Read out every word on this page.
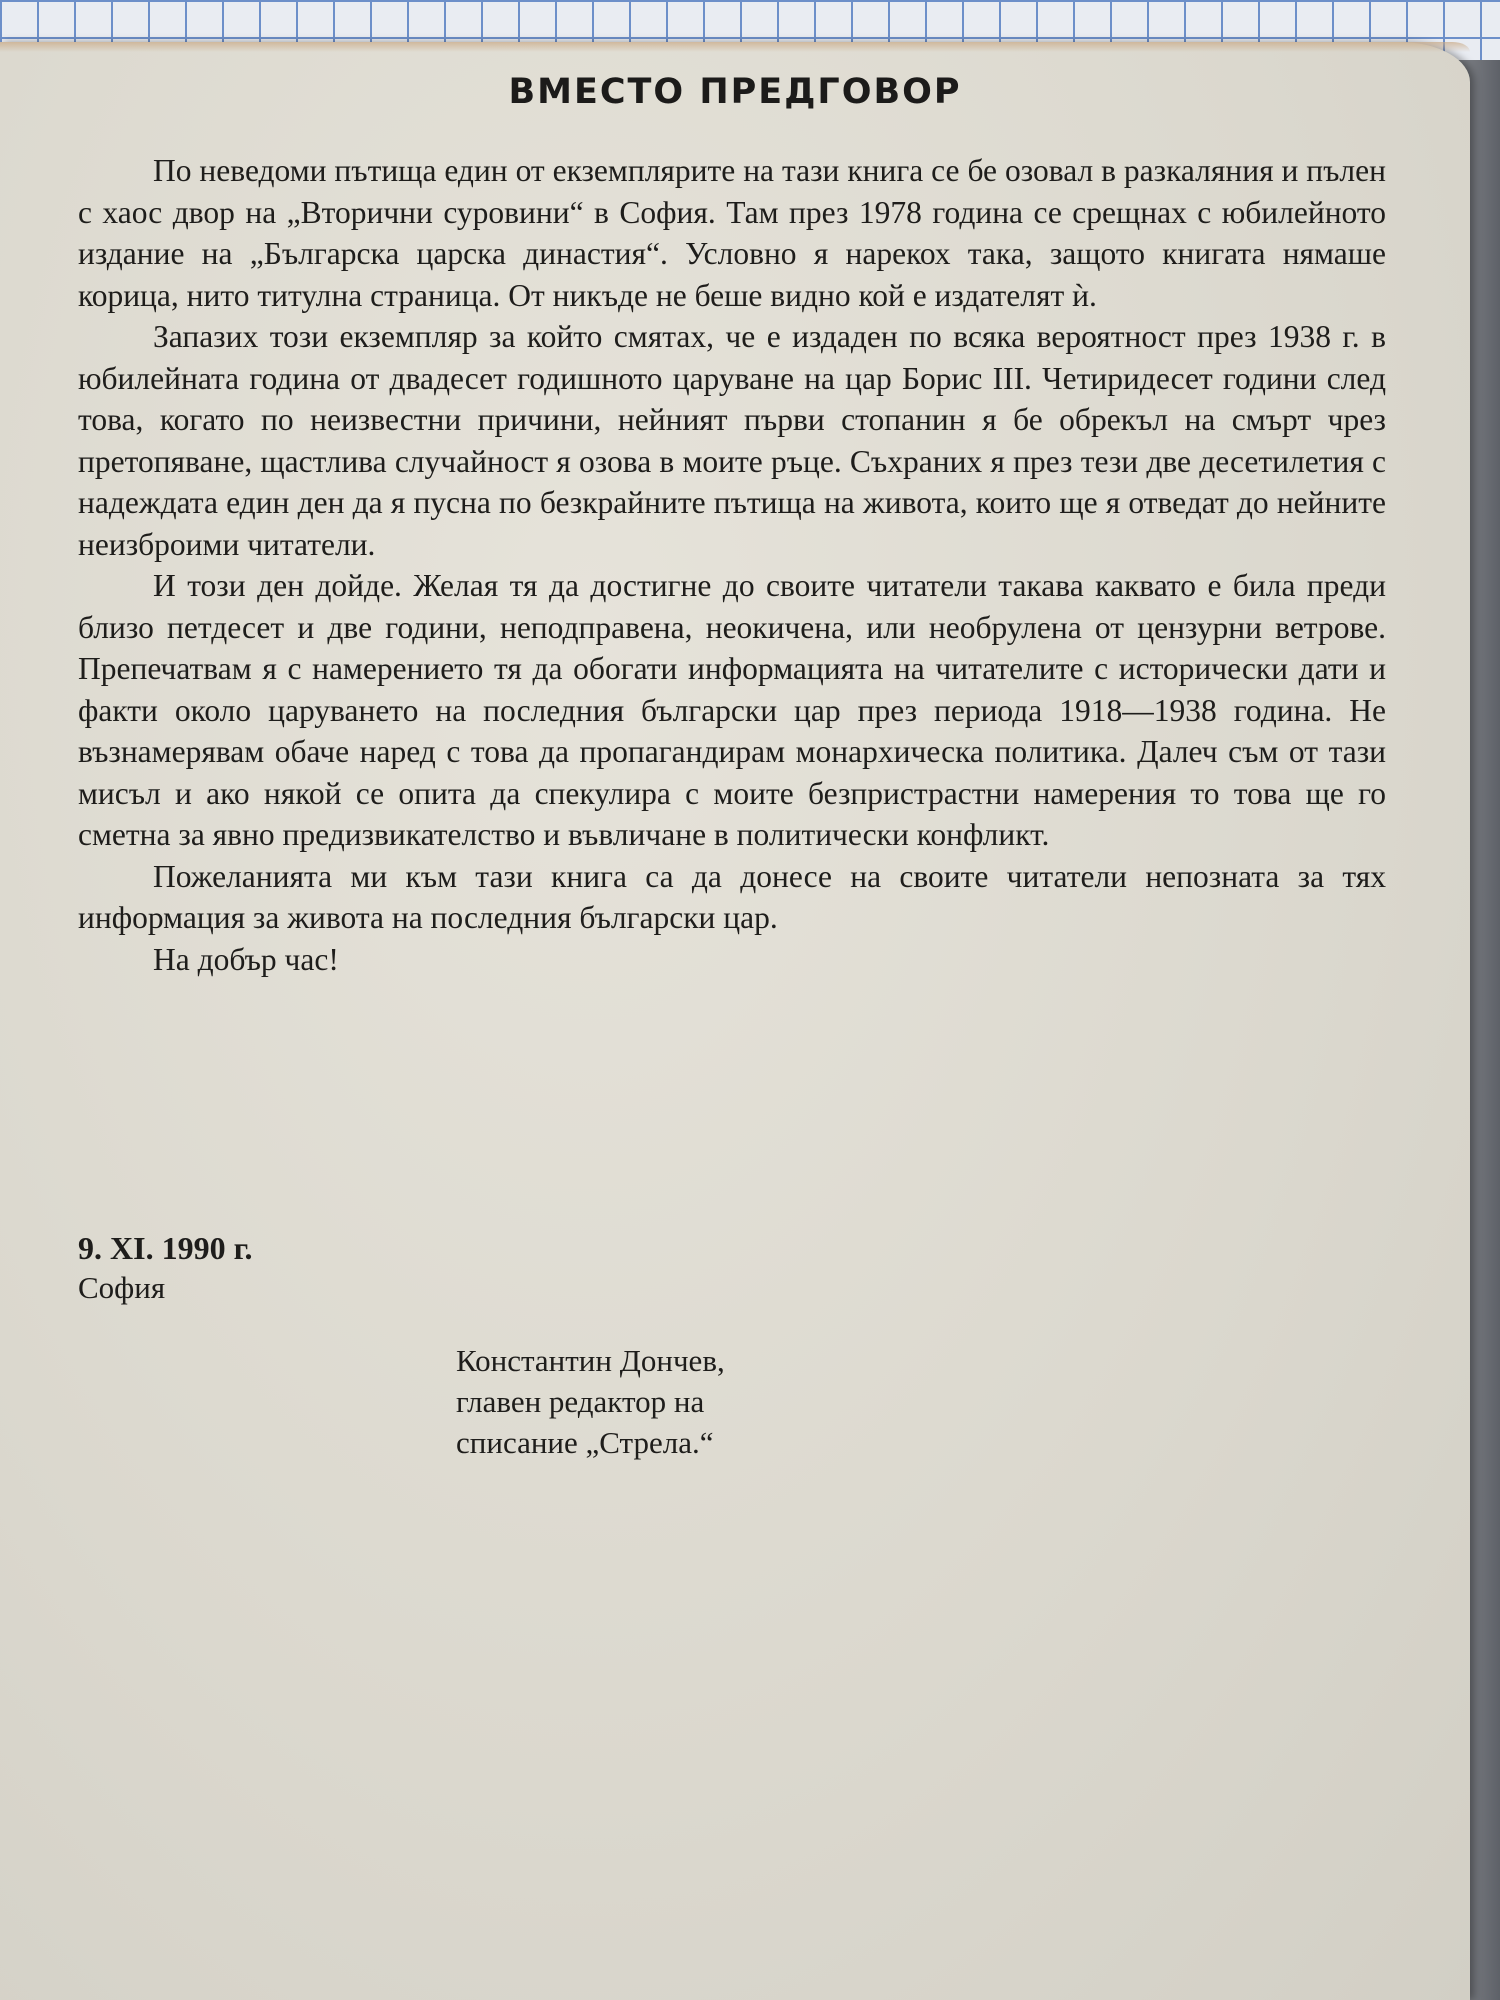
ВМЕСТО ПРЕДГОВОР

По неведоми пътища един от екземплярите на тази книга се бе озовал в разкаляния и пълен с хаос двор на „Вторични суровини“ в София. Там през 1978 година се срещнах с юбилейното издание на „Българска царска династия“. Условно я нарекох така, защото книгата нямаше корица, нито титулна страница. От никъде не беше видно кой е издателят ѝ.

Запазих този екземпляр за който смятах, че е издаден по всяка вероятност през 1938 г. в юбилейната година от двадесет годишното царуване на цар Борис III. Четиридесет години след това, когато по неизвестни причини, нейният първи стопанин я бе обрекъл на смърт чрез претопяване, щастлива случайност я озова в моите ръце. Съхраних я през тези две десетилетия с надеждата един ден да я пусна по безкрайните пътища на живота, които ще я отведат до нейните неизброими читатели.

И този ден дойде. Желая тя да достигне до своите читатели такава каквато е била преди близо петдесет и две години, неподправена, неокичена, или необрулена от цензурни ветрове. Препечатвам я с намерението тя да обогати информацията на читателите с исторически дати и факти около царуването на последния български цар през периода 1918—1938 година. Не възнамерявам обаче наред с това да пропагандирам монархическа политика. Далеч съм от тази мисъл и ако някой се опита да спекулира с моите безпристрастни намерения то това ще го сметна за явно предизвикателство и въвличане в политически конфликт.

Пожеланията ми към тази книга са да донесе на своите читатели непозната за тях информация за живота на последния български цар.

На добър час!

9. XI. 1990 г.
София
Константин Дончев,
главен редактор на
списание „Стрела.“
